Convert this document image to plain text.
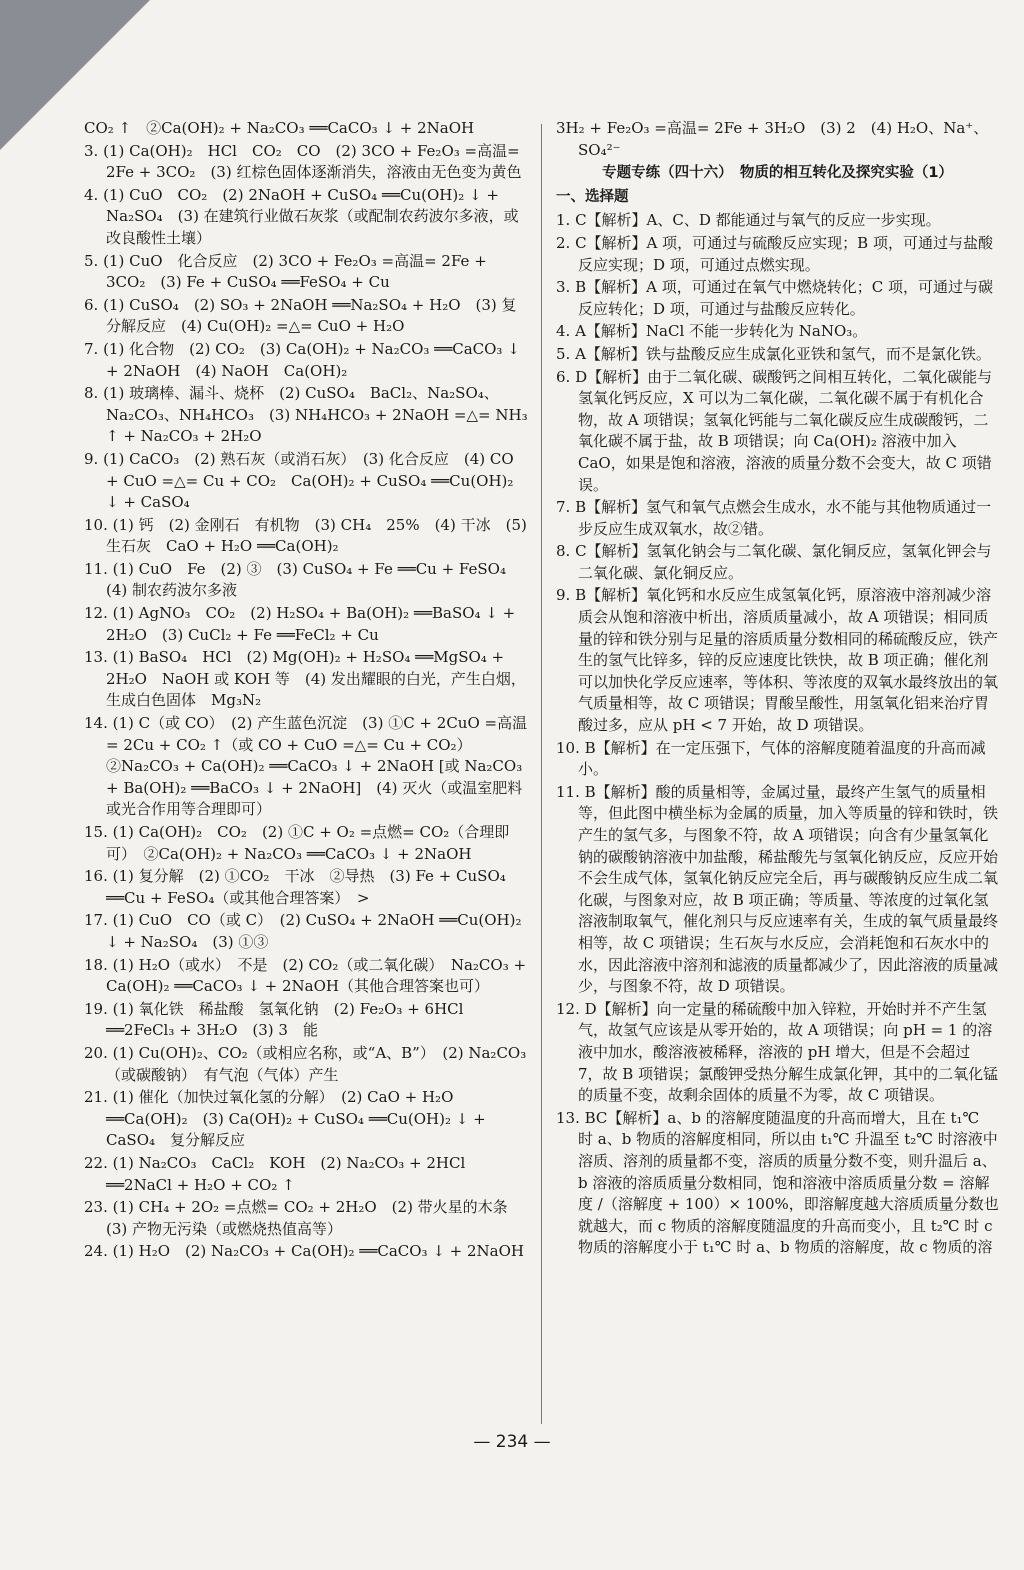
CO₂ ↑　②Ca(OH)₂ + Na₂CO₃ ══CaCO₃ ↓ + 2NaOH
3. (1) Ca(OH)₂　HCl　CO₂　CO　(2) 3CO + Fe₂O₃ =高温= 2Fe + 3CO₂　(3) 红棕色固体逐渐消失，溶液由无色变为黄色
4. (1) CuO　CO₂　(2) 2NaOH + CuSO₄ ══Cu(OH)₂ ↓ + Na₂SO₄　(3) 在建筑行业做石灰浆（或配制农药波尔多液，或改良酸性土壤）
5. (1) CuO　化合反应　(2) 3CO + Fe₂O₃ =高温= 2Fe + 3CO₂　(3) Fe + CuSO₄ ══FeSO₄ + Cu
6. (1) CuSO₄　(2) SO₃ + 2NaOH ══Na₂SO₄ + H₂O　(3) 复分解反应　(4) Cu(OH)₂ =△= CuO + H₂O
7. (1) 化合物　(2) CO₂　(3) Ca(OH)₂ + Na₂CO₃ ══CaCO₃ ↓ + 2NaOH　(4) NaOH　Ca(OH)₂
8. (1) 玻璃棒、漏斗、烧杯　(2) CuSO₄　BaCl₂、Na₂SO₄、Na₂CO₃、NH₄HCO₃　(3) NH₄HCO₃ + 2NaOH =△= NH₃ ↑ + Na₂CO₃ + 2H₂O
9. (1) CaCO₃　(2) 熟石灰（或消石灰）　(3) 化合反应　(4) CO + CuO =△= Cu + CO₂　Ca(OH)₂ + CuSO₄ ══Cu(OH)₂ ↓ + CaSO₄
10. (1) 钙　(2) 金刚石　有机物　(3) CH₄　25%　(4) 干冰　(5) 生石灰　CaO + H₂O ══Ca(OH)₂
11. (1) CuO　Fe　(2) ③　(3) CuSO₄ + Fe ══Cu + FeSO₄　(4) 制农药波尔多液
12. (1) AgNO₃　CO₂　(2) H₂SO₄ + Ba(OH)₂ ══BaSO₄ ↓ + 2H₂O　(3) CuCl₂ + Fe ══FeCl₂ + Cu
13. (1) BaSO₄　HCl　(2) Mg(OH)₂ + H₂SO₄ ══MgSO₄ + 2H₂O　NaOH 或 KOH 等　(4) 发出耀眼的白光，产生白烟，生成白色固体　Mg₃N₂
14. (1) C（或 CO）　(2) 产生蓝色沉淀　(3) ①C + 2CuO =高温= 2Cu + CO₂ ↑（或 CO + CuO =△= Cu + CO₂）　②Na₂CO₃ + Ca(OH)₂ ══CaCO₃ ↓ + 2NaOH [或 Na₂CO₃ + Ba(OH)₂ ══BaCO₃ ↓ + 2NaOH]　(4) 灭火（或温室肥料或光合作用等合理即可）
15. (1) Ca(OH)₂　CO₂　(2) ①C + O₂ =点燃= CO₂（合理即可）　②Ca(OH)₂ + Na₂CO₃ ══CaCO₃ ↓ + 2NaOH
16. (1) 复分解　(2) ①CO₂　干冰　②导热　(3) Fe + CuSO₄ ══Cu + FeSO₄（或其他合理答案）　>
17. (1) CuO　CO（或 C）　(2) CuSO₄ + 2NaOH ══Cu(OH)₂ ↓ + Na₂SO₄　(3) ①③
18. (1) H₂O（或水）　不是　(2) CO₂（或二氧化碳）　Na₂CO₃ + Ca(OH)₂ ══CaCO₃ ↓ + 2NaOH（其他合理答案也可）
19. (1) 氧化铁　稀盐酸　氢氧化钠　(2) Fe₂O₃ + 6HCl ══2FeCl₃ + 3H₂O　(3) 3　能
20. (1) Cu(OH)₂、CO₂（或相应名称，或“A、B”）　(2) Na₂CO₃（或碳酸钠）　有气泡（气体）产生
21. (1) 催化（加快过氧化氢的分解）　(2) CaO + H₂O ══Ca(OH)₂　(3) Ca(OH)₂ + CuSO₄ ══Cu(OH)₂ ↓ + CaSO₄　复分解反应
22. (1) Na₂CO₃　CaCl₂　KOH　(2) Na₂CO₃ + 2HCl ══2NaCl + H₂O + CO₂ ↑
23. (1) CH₄ + 2O₂ =点燃= CO₂ + 2H₂O　(2) 带火星的木条　(3) 产物无污染（或燃烧热值高等）
24. (1) H₂O　(2) Na₂CO₃ + Ca(OH)₂ ══CaCO₃ ↓ + 2NaOH
3H₂ + Fe₂O₃ =高温= 2Fe + 3H₂O　(3) 2　(4) H₂O、Na⁺、SO₄²⁻
专题专练（四十六）　物质的相互转化及探究实验（1）
一、选择题
1. C【解析】A、C、D 都能通过与氧气的反应一步实现。
2. C【解析】A 项，可通过与硫酸反应实现；B 项，可通过与盐酸反应实现；D 项，可通过点燃实现。
3. B【解析】A 项，可通过在氧气中燃烧转化；C 项，可通过与碳反应转化；D 项，可通过与盐酸反应转化。
4. A【解析】NaCl 不能一步转化为 NaNO₃。
5. A【解析】铁与盐酸反应生成氯化亚铁和氢气，而不是氯化铁。
6. D【解析】由于二氧化碳、碳酸钙之间相互转化，二氧化碳能与氢氧化钙反应，X 可以为二氧化碳，二氧化碳不属于有机化合物，故 A 项错误；氢氧化钙能与二氧化碳反应生成碳酸钙，二氧化碳不属于盐，故 B 项错误；向 Ca(OH)₂ 溶液中加入 CaO，如果是饱和溶液，溶液的质量分数不会变大，故 C 项错误。
7. B【解析】氢气和氧气点燃会生成水，水不能与其他物质通过一步反应生成双氧水，故②错。
8. C【解析】氢氧化钠会与二氧化碳、氯化铜反应，氢氧化钾会与二氧化碳、氯化铜反应。
9. B【解析】氧化钙和水反应生成氢氧化钙，原溶液中溶剂减少溶质会从饱和溶液中析出，溶质质量减小，故 A 项错误；相同质量的锌和铁分别与足量的溶质质量分数相同的稀硫酸反应，铁产生的氢气比锌多，锌的反应速度比铁快，故 B 项正确；催化剂可以加快化学反应速率，等体积、等浓度的双氧水最终放出的氧气质量相等，故 C 项错误；胃酸呈酸性，用氢氧化铝来治疗胃酸过多，应从 pH < 7 开始，故 D 项错误。
10. B【解析】在一定压强下，气体的溶解度随着温度的升高而减小。
11. B【解析】酸的质量相等，金属过量，最终产生氢气的质量相等，但此图中横坐标为金属的质量，加入等质量的锌和铁时，铁产生的氢气多，与图象不符，故 A 项错误；向含有少量氢氧化钠的碳酸钠溶液中加盐酸，稀盐酸先与氢氧化钠反应，反应开始不会生成气体，氢氧化钠反应完全后，再与碳酸钠反应生成二氧化碳，与图象对应，故 B 项正确；等质量、等浓度的过氧化氢溶液制取氧气，催化剂只与反应速率有关，生成的氧气质量最终相等，故 C 项错误；生石灰与水反应，会消耗饱和石灰水中的水，因此溶液中溶剂和滤液的质量都减少了，因此溶液的质量减少，与图象不符，故 D 项错误。
12. D【解析】向一定量的稀硫酸中加入锌粒，开始时并不产生氢气，故氢气应该是从零开始的，故 A 项错误；向 pH = 1 的溶液中加水，酸溶液被稀释，溶液的 pH 增大，但是不会超过 7，故 B 项错误；氯酸钾受热分解生成氯化钾，其中的二氧化锰的质量不变，故剩余固体的质量不为零，故 C 项错误。
13. BC【解析】a、b 的溶解度随温度的升高而增大，且在 t₁℃ 时 a、b 物质的溶解度相同，所以由 t₁℃ 升温至 t₂℃ 时溶液中溶质、溶剂的质量都不变，溶质的质量分数不变，则升温后 a、b 溶液的溶质质量分数相同，饱和溶液中溶质质量分数 = 溶解度 /（溶解度 + 100）× 100%，即溶解度越大溶质质量分数也就越大，而 c 物质的溶解度随温度的升高而变小，且 t₂℃ 时 c 物质的溶解度小于 t₁℃ 时 a、b 物质的溶解度，故 c 物质的溶
— 234 —
